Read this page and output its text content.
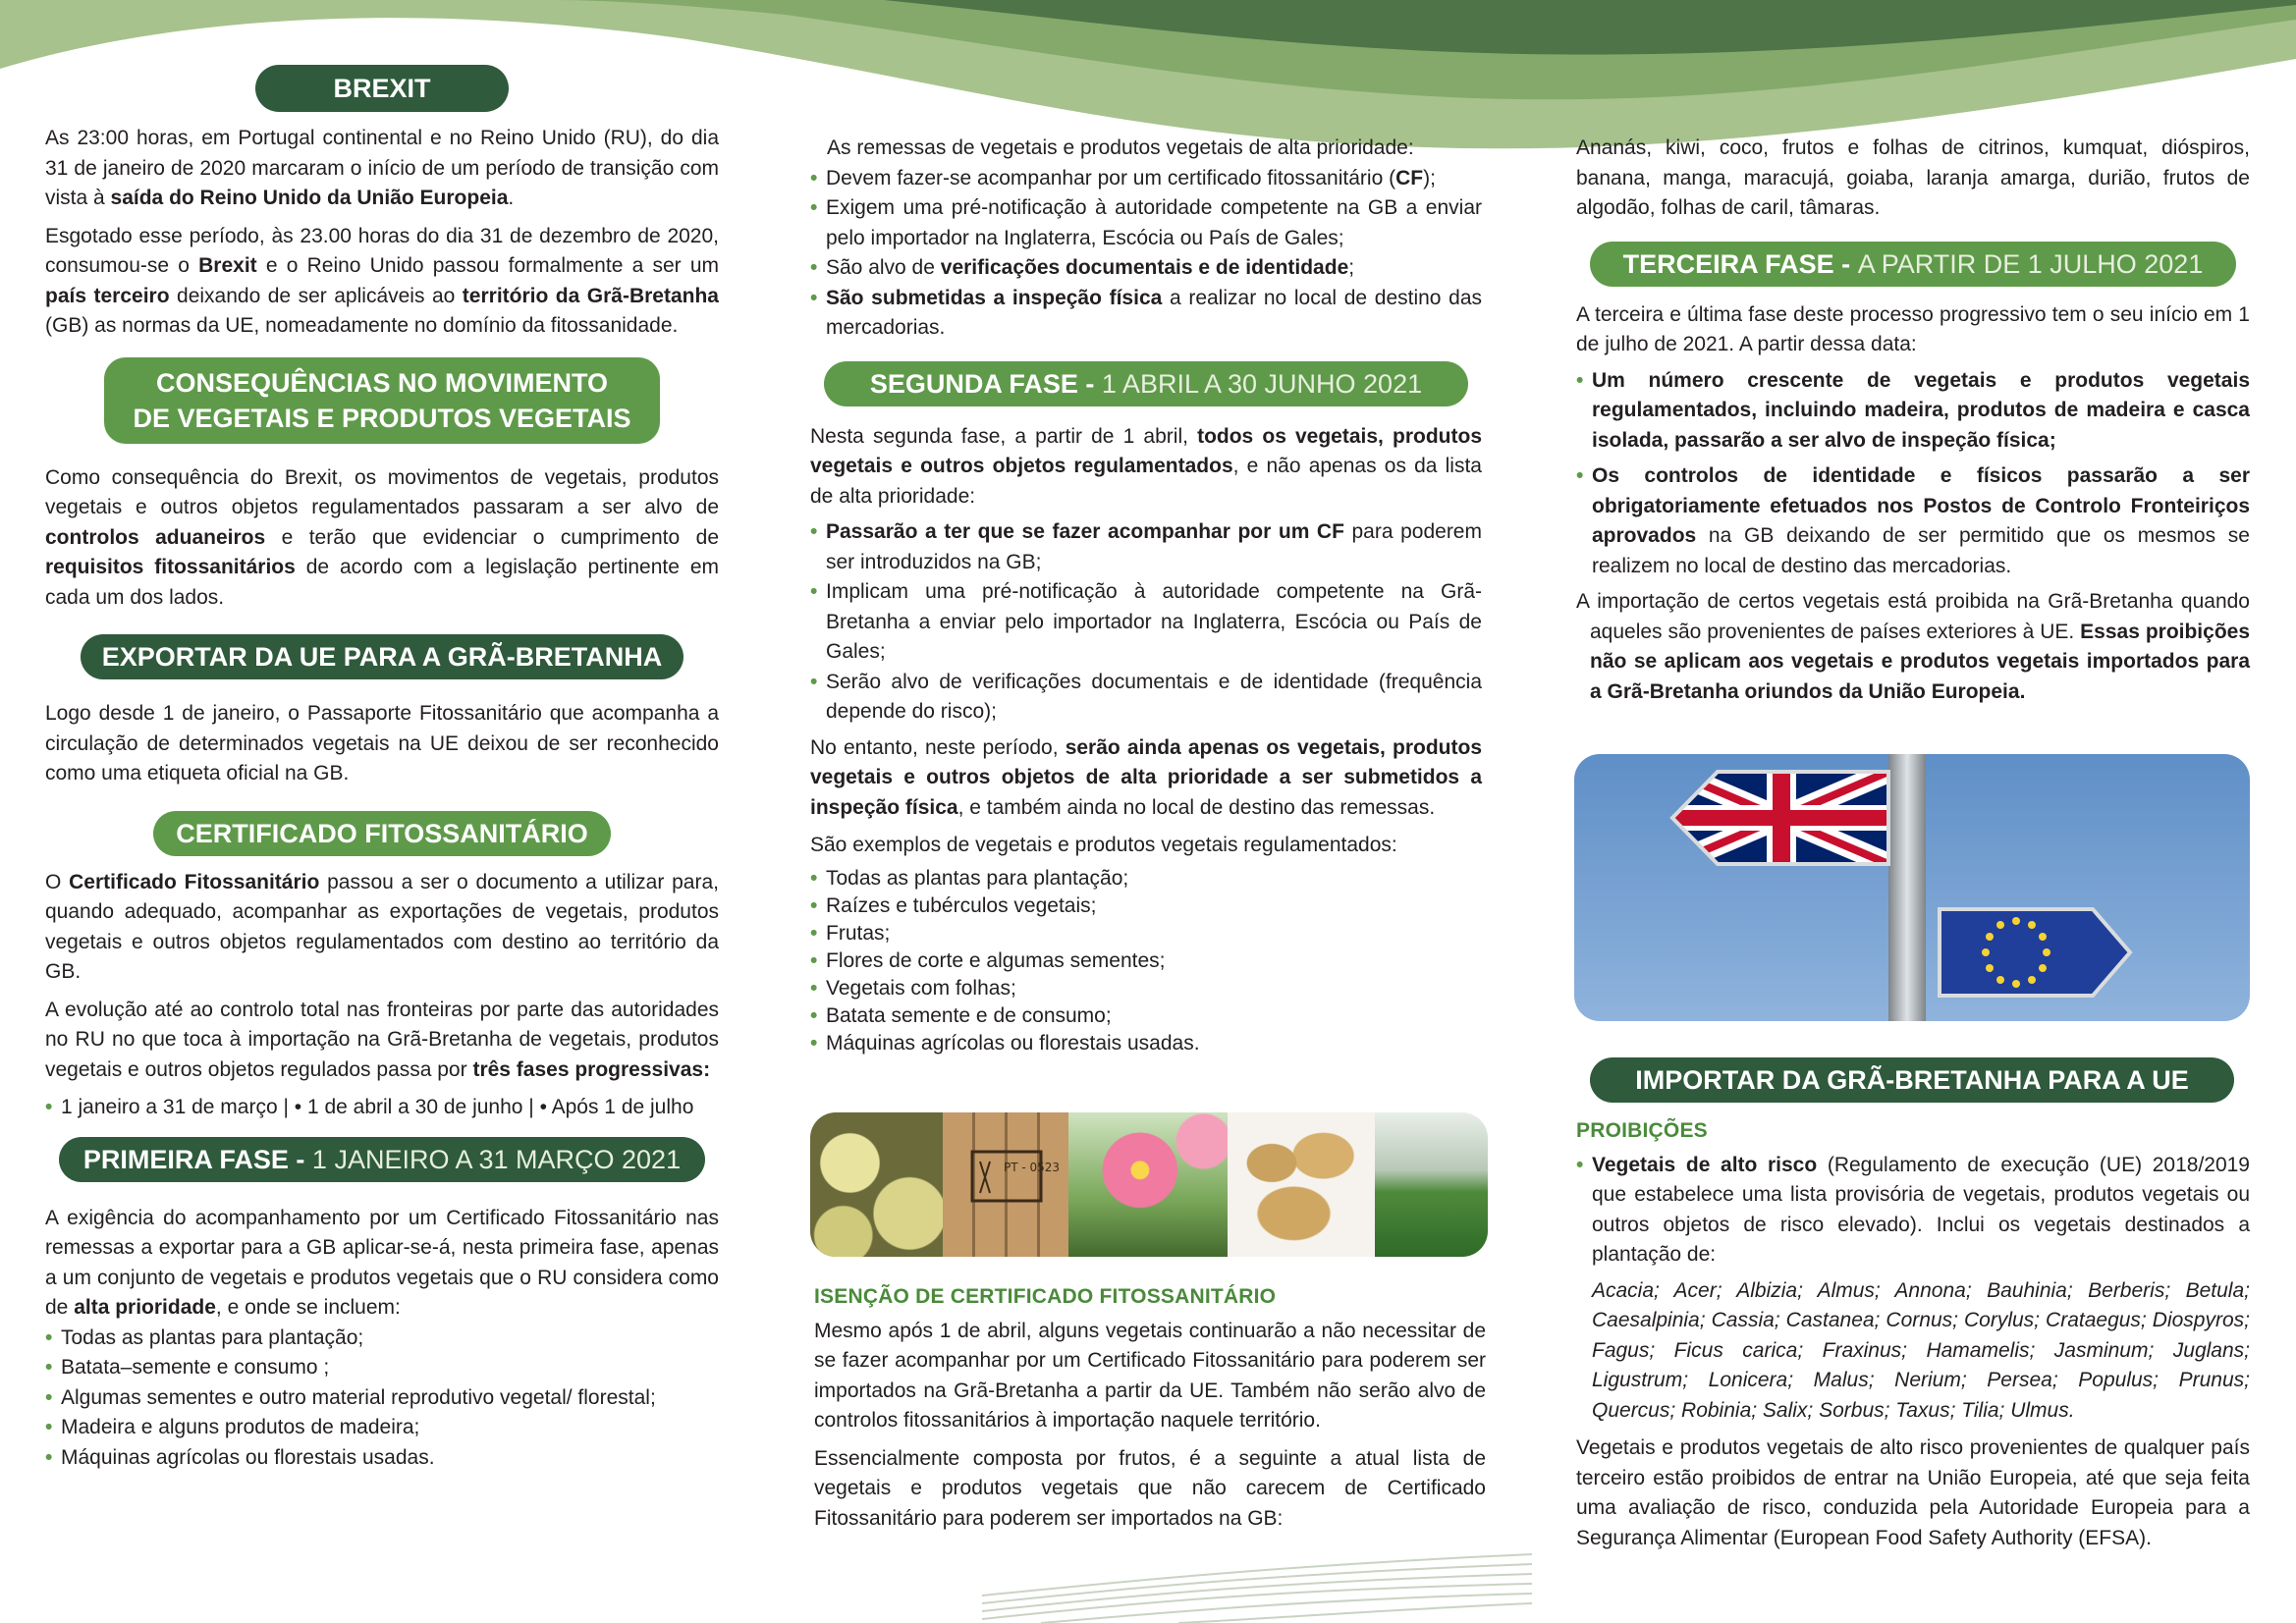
BREXIT

As 23:00 horas, em Portugal continental e no Reino Unido (RU), do dia 31 de janeiro de 2020 marcaram o início de um período de transição com vista à saída do Reino Unido da União Europeia.

Esgotado esse período, às 23.00 horas do dia 31 de dezembro de 2020, consumou-se o Brexit e o Reino Unido passou formalmente a ser um país terceiro deixando de ser aplicáveis ao território da Grã-Bretanha (GB) as normas da UE, nomeadamente no domínio da fitossanidade.

CONSEQUÊNCIAS NO MOVIMENTO
DE VEGETAIS E PRODUTOS VEGETAIS

Como consequência do Brexit, os movimentos de vegetais, produtos vegetais e outros objetos regulamentados passaram a ser alvo de controlos aduaneiros e terão que evidenciar o cumprimento de requisitos fitossanitários de acordo com a legislação pertinente em cada um dos lados.

EXPORTAR DA UE PARA A GRÃ-BRETANHA

Logo desde 1 de janeiro, o Passaporte Fitossanitário que acompanha a circulação de determinados vegetais na UE deixou de ser reconhecido como uma etiqueta oficial na GB.

CERTIFICADO FITOSSANITÁRIO

O Certificado Fitossanitário passou a ser o documento a utilizar para, quando adequado, acompanhar as exportações de vegetais, produtos vegetais e outros objetos regulamentados com destino ao território da GB.

A evolução até ao controlo total nas fronteiras por parte das autoridades no RU no que toca à importação na Grã-Bretanha de vegetais, produtos vegetais e outros objetos regulados passa por três fases progressivas:

• 1 janeiro a 31 de março | • 1 de abril a 30 de junho | • Após 1 de julho
PRIMEIRA FASE - 1 JANEIRO A 31 MARÇO 2021

A exigência do acompanhamento por um Certificado Fitossanitário nas remessas a exportar para a GB aplicar-se-á, nesta primeira fase, apenas a um conjunto de vegetais e produtos vegetais que o RU considera como de alta prioridade, e onde se incluem:

• Todas as plantas para plantação;
• Batata–semente e consumo ;
• Algumas sementes e outro material reprodutivo vegetal/ florestal;
• Madeira e alguns produtos de madeira;
• Máquinas agrícolas ou florestais usadas.

As remessas de vegetais e produtos vegetais de alta prioridade:

• Devem fazer-se acompanhar por um certificado fitossanitário (CF);
• Exigem uma pré-notificação à autoridade competente na GB a enviar pelo importador na Inglaterra, Escócia ou País de Gales;
• São alvo de verificações documentais e de identidade;
• São submetidas a inspeção física a realizar no local de destino das mercadorias.
SEGUNDA FASE - 1 ABRIL A 30 JUNHO 2021

Nesta segunda fase, a partir de 1 abril, todos os vegetais, produtos vegetais e outros objetos regulamentados, e não apenas os da lista de alta prioridade:

• Passarão a ter que se fazer acompanhar por um CF para poderem ser introduzidos na GB;
• Implicam uma pré-notificação à autoridade competente na Grã-Bretanha a enviar pelo importador na Inglaterra, Escócia ou País de Gales;
• Serão alvo de verificações documentais e de identidade (frequência depende do risco);

No entanto, neste período, serão ainda apenas os vegetais, produtos vegetais e outros objetos de alta prioridade a ser submetidos a inspeção física, e também ainda no local de destino das remessas.

São exemplos de vegetais e produtos vegetais regulamentados:

• Todas as plantas para plantação;
• Raízes e tubérculos vegetais;
• Frutas;
• Flores de corte e algumas sementes;
• Vegetais com folhas;
• Batata semente e de consumo;
• Máquinas agrícolas ou florestais usadas.
PT - 0523
ISENÇÃO DE CERTIFICADO FITOSSANITÁRIO

Mesmo após 1 de abril, alguns vegetais continuarão a não necessitar de se fazer acompanhar por um Certificado Fitossanitário para poderem ser importados na Grã-Bretanha a partir da UE. Também não serão alvo de controlos fitossanitários à importação naquele território.

Essencialmente composta por frutos, é a seguinte a atual lista de vegetais e produtos vegetais que não carecem de Certificado Fitossanitário para poderem ser importados na GB:

Ananás, kiwi, coco, frutos e folhas de citrinos, kumquat, dióspiros, banana, manga, maracujá, goiaba, laranja amarga, durião, frutos de algodão, folhas de caril, tâmaras.

TERCEIRA FASE - A PARTIR DE 1 JULHO 2021

A terceira e última fase deste processo progressivo tem o seu início em 1 de julho de 2021. A partir dessa data:

• Um número crescente de vegetais e produtos vegetais regulamentados, incluindo madeira, produtos de madeira e casca isolada, passarão a ser alvo de inspeção física;
• Os controlos de identidade e físicos passarão a ser obrigatoriamente efetuados nos Postos de Controlo Fronteiriços aprovados na GB deixando de ser permitido que os mesmos se realizem no local de destino das mercadorias.

A importação de certos vegetais está proibida na Grã-Bretanha quando aqueles são provenientes de países exteriores à UE. Essas proibições não se aplicam aos vegetais e produtos vegetais importados para a Grã-Bretanha oriundos da União Europeia.

IMPORTAR DA GRÃ-BRETANHA PARA A UE
PROIBIÇÕES
• Vegetais de alto risco (Regulamento de execução (UE) 2018/2019 que estabelece uma lista provisória de vegetais, produtos vegetais ou outros objetos de risco elevado). Inclui os vegetais destinados a plantação de:

Acacia; Acer; Albizia; Almus; Annona; Bauhinia; Berberis; Betula; Caesalpinia; Cassia; Castanea; Cornus; Corylus; Crataegus; Diospyros; Fagus; Ficus carica; Fraxinus; Hamamelis; Jasminum; Juglans; Ligustrum; Lonicera; Malus; Nerium; Persea; Populus; Prunus; Quercus; Robinia; Salix; Sorbus; Taxus; Tilia; Ulmus.

Vegetais e produtos vegetais de alto risco provenientes de qualquer país terceiro estão proibidos de entrar na União Europeia, até que seja feita uma avaliação de risco, conduzida pela Autoridade Europeia para a Segurança Alimentar (European Food Safety Authority (EFSA).
